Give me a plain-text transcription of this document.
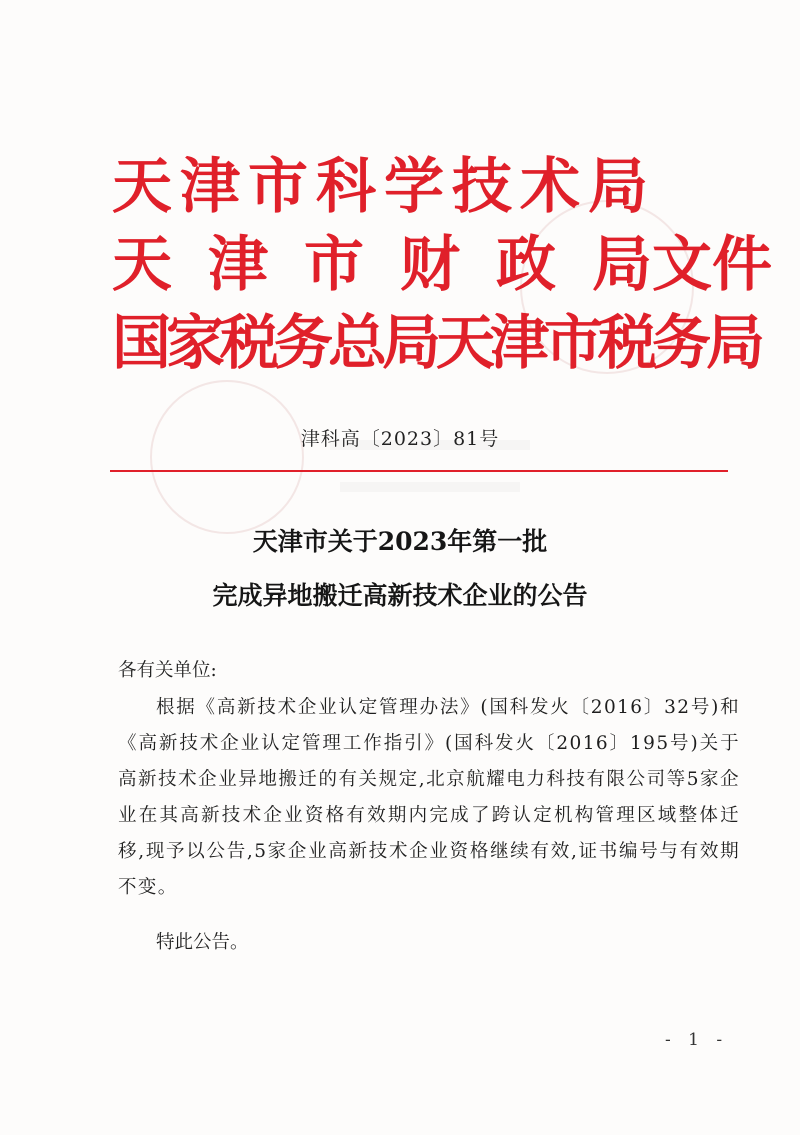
天津市科学技术局
天 津 市 财 政 局文件
国家税务总局天津市税务局
津科高〔2023〕81号
天津市关于2023年第一批
完成异地搬迁高新技术企业的公告
各有关单位:
根据《高新技术企业认定管理办法》(国科发火〔2016〕32号)和《高新技术企业认定管理工作指引》(国科发火〔2016〕195号)关于高新技术企业异地搬迁的有关规定,北京航耀电力科技有限公司等5家企业在其高新技术企业资格有效期内完成了跨认定机构管理区域整体迁移,现予以公告,5家企业高新技术企业资格继续有效,证书编号与有效期不变。
特此公告。
- 1 -
